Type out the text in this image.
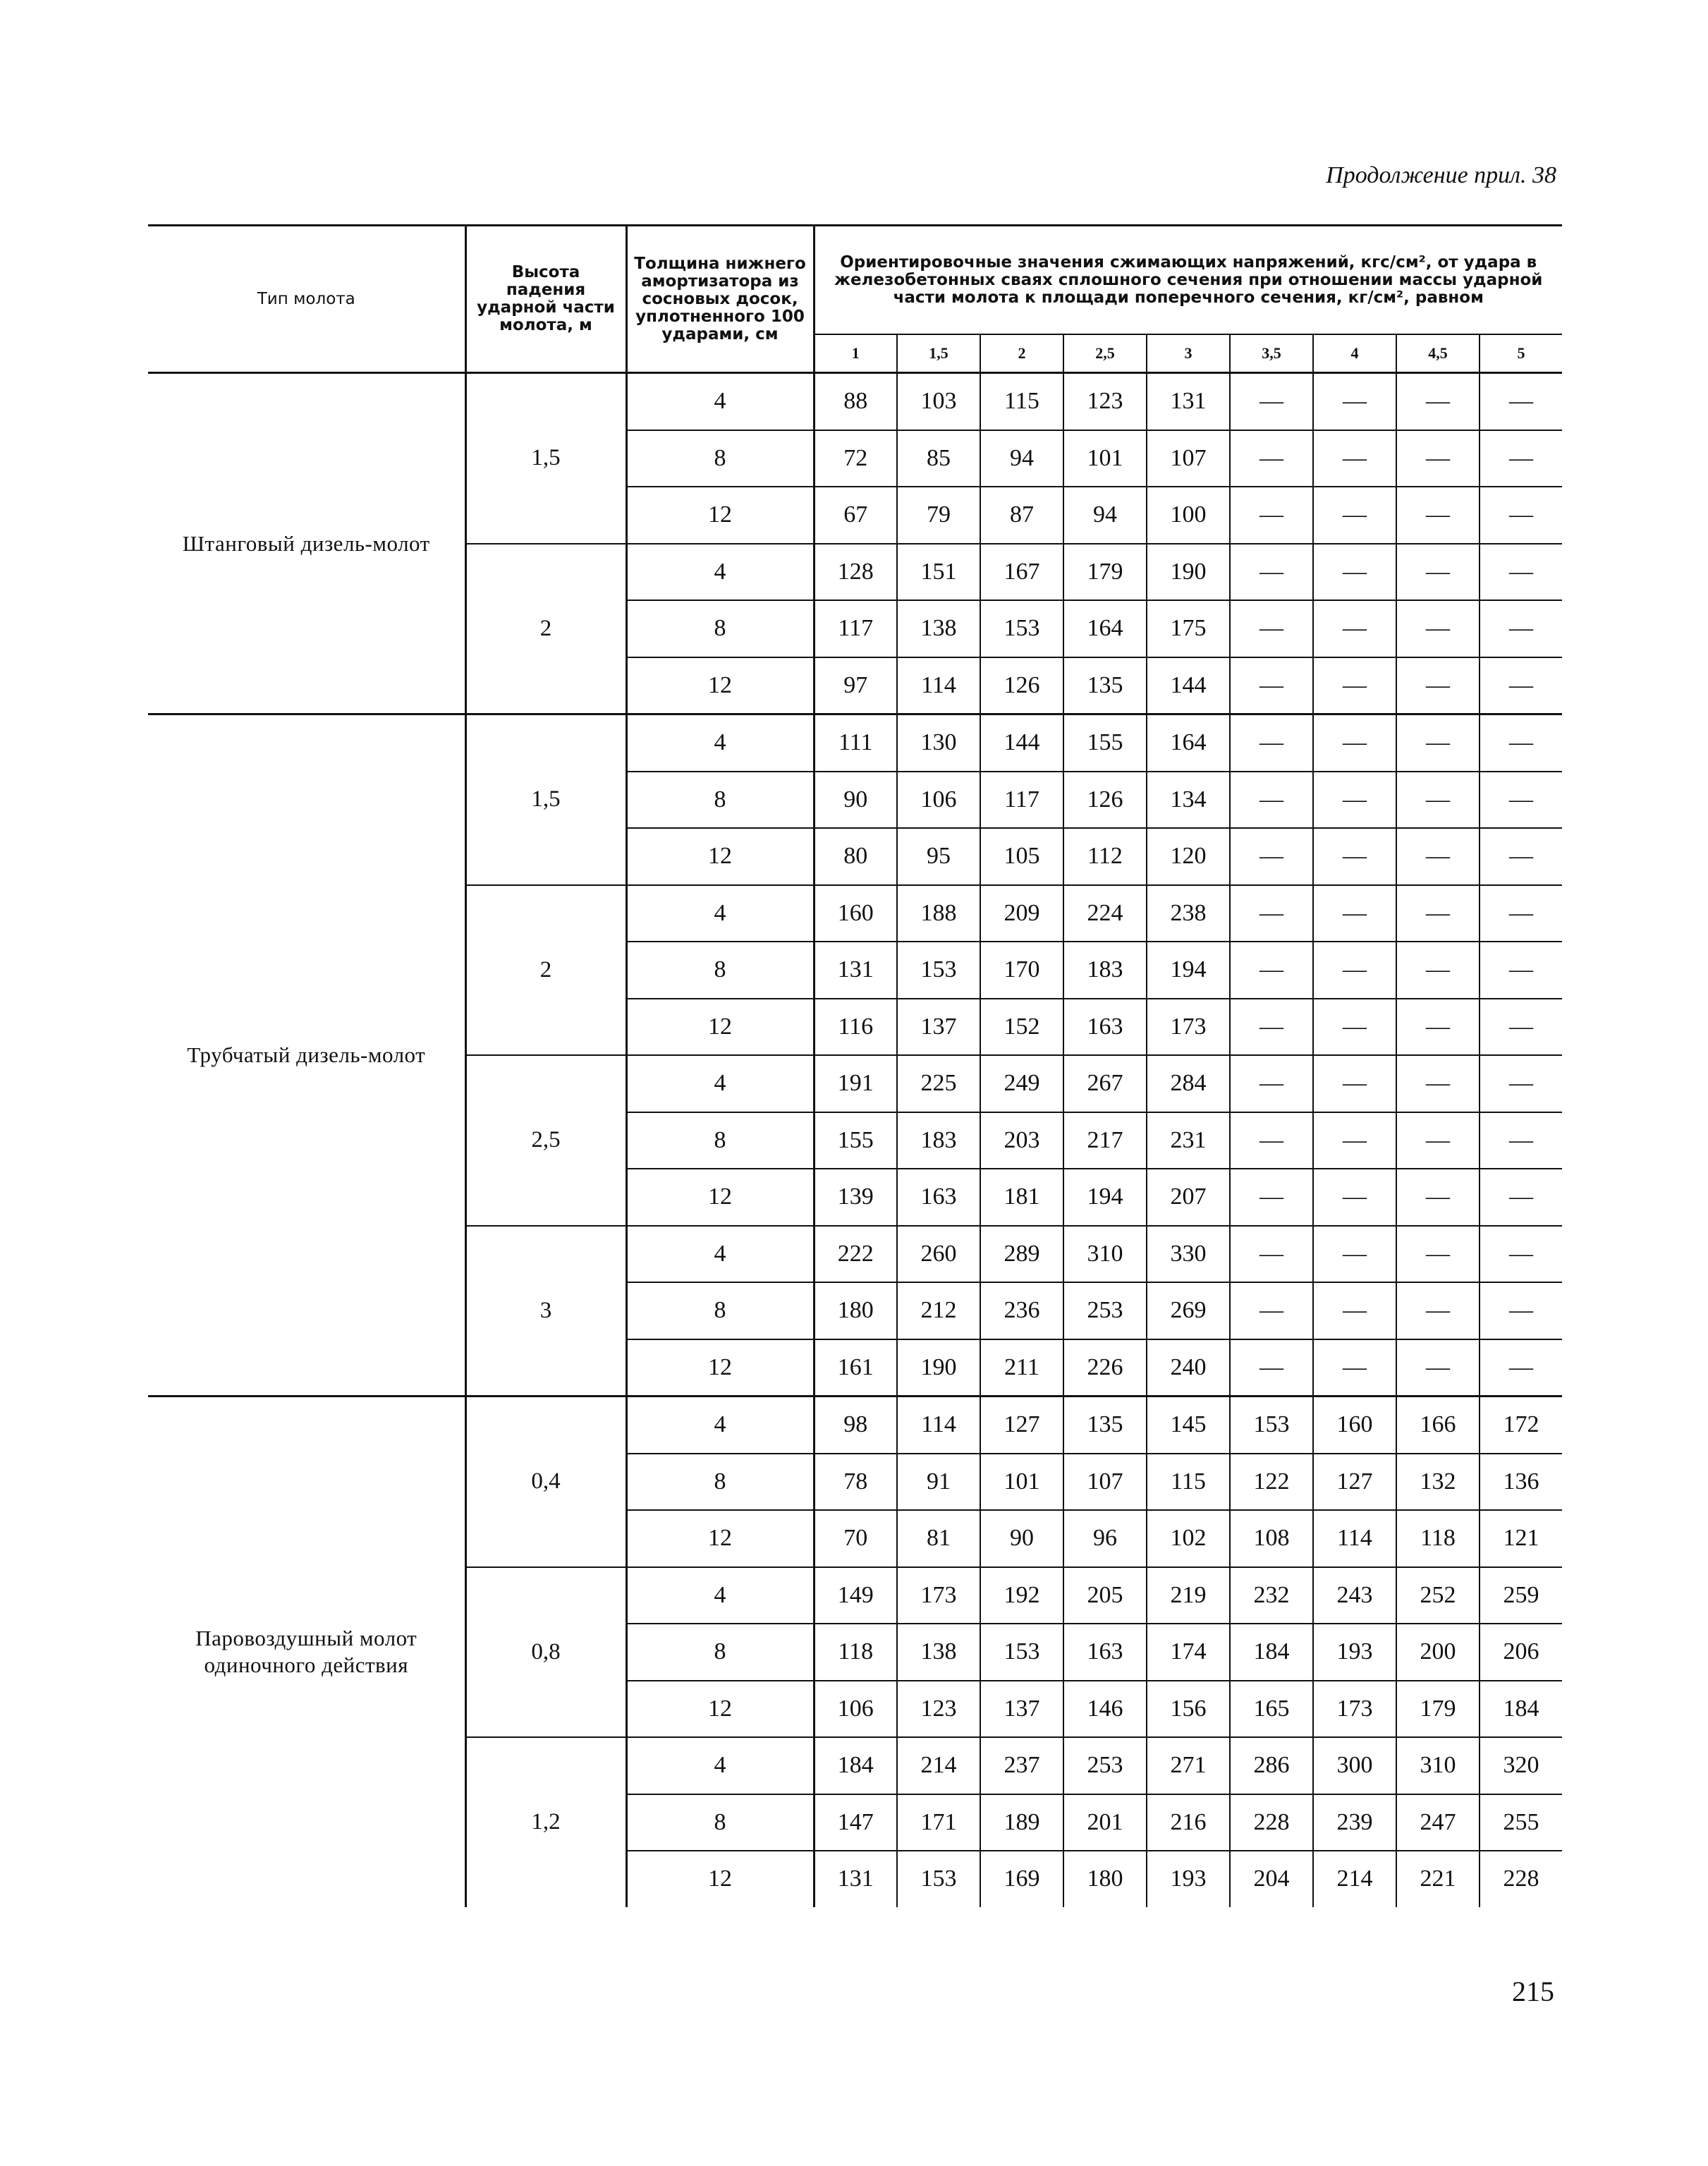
Продолжение прил. 38
Тип молота	Высота падения ударной части молота, м	Толщина нижнего амортизатора из сосновых досок, уплотненного 100 ударами, см	Ориентировочные значения сжимающих напряжений, кгс/см², от удара в железобетонных сваях сплошного сечения при отношении массы ударной части молота к площади поперечного сечения, кг/см², равном								
			1	1,5	2	2,5	3	3,5	4	4,5	5
Штанговый дизель-молот	1,5	4	88	103	115	123	131	—	—	—	—
		8	72	85	94	101	107	—	—	—	—
		12	67	79	87	94	100	—	—	—	—
	2	4	128	151	167	179	190	—	—	—	—
		8	117	138	153	164	175	—	—	—	—
		12	97	114	126	135	144	—	—	—	—
Трубчатый дизель-молот	1,5	4	111	130	144	155	164	—	—	—	—
		8	90	106	117	126	134	—	—	—	—
		12	80	95	105	112	120	—	—	—	—
	2	4	160	188	209	224	238	—	—	—	—
		8	131	153	170	183	194	—	—	—	—
		12	116	137	152	163	173	—	—	—	—
	2,5	4	191	225	249	267	284	—	—	—	—
		8	155	183	203	217	231	—	—	—	—
		12	139	163	181	194	207	—	—	—	—
	3	4	222	260	289	310	330	—	—	—	—
		8	180	212	236	253	269	—	—	—	—
		12	161	190	211	226	240	—	—	—	—
Паровоздушный молот одиночного действия	0,4	4	98	114	127	135	145	153	160	166	172
		8	78	91	101	107	115	122	127	132	136
		12	70	81	90	96	102	108	114	118	121
	0,8	4	149	173	192	205	219	232	243	252	259
		8	118	138	153	163	174	184	193	200	206
		12	106	123	137	146	156	165	173	179	184
	1,2	4	184	214	237	253	271	286	300	310	320
		8	147	171	189	201	216	228	239	247	255
		12	131	153	169	180	193	204	214	221	228
215
